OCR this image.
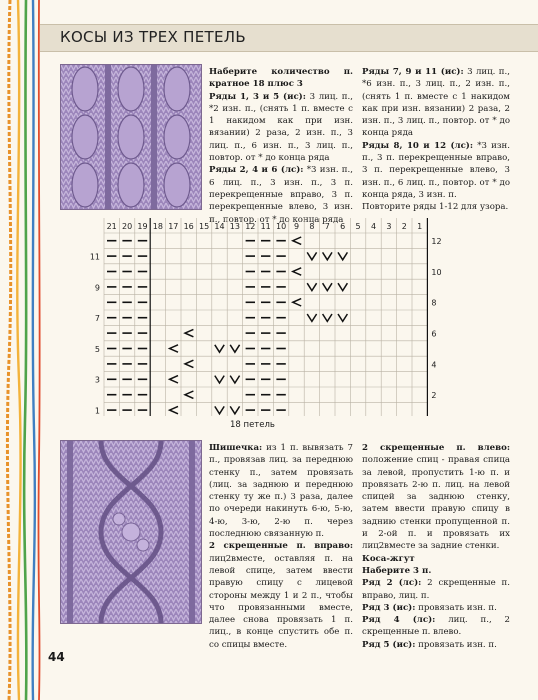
КОСЫ ИЗ ТРЕХ ПЕТЕЛЬ

Наберите количество п. кратное 18 плюс 3

Ряды 1, 3 и 5 (ис): 3 лиц. п., *2 изн. п., (снять 1 п. вместе с 1 накидом как при изн. вязании) 2 раза, 2 изн. п., 3 лиц. п., 6 изн. п., 3 лиц. п., повтор. от * до конца ряда

Ряды 2, 4 и 6 (лс): *3 изн. п., 6 лиц. п., 3 изн. п., 3 п. перекрещенные вправо, 3 п. перекрещенные влево, 3 изн. п., повтор. от * до конца ряда

Ряды 7, 9 и 11 (ис): 3 лиц. п., *6 изн. п., 3 лиц. п., 2 изн. п., (снять 1 п. вместе с 1 накидом как при изн. вязании) 2 раза, 2 изн. п., 3 лиц. п., повтор. от * до конца ряда

Ряды 8, 10 и 12 (лс): *3 изн. п., 3 п. перекрещенные вправо, 3 п. перекрещенные влево, 3 изн. п., 6 лиц. п., повтор. от * до конца ряда, 3 изн. п.

Повторите ряды 1-12 для узора.

21 20 19 18 17 16 15 14 13 12 11 10 9 8 7 6 5 4 3 2 1
11
9
7
5
3
1
12
10
8
6
4
2
18 петель

Шишечка: из 1 п. вывязать 7 п., провязав лиц. за переднюю стенку п., затем провязать (лиц. за заднюю и переднюю стенку ту же п.) 3 раза, далее по очереди накинуть 6-ю, 5-ю, 4-ю, 3-ю, 2-ю п. через последнюю связанную п.

2 скрещенные п. вправо: лиц2вместе, оставляя п. на левой спице, затем ввести правую спицу с лицевой стороны между 1 и 2 п., чтобы что провязанными вместе, далее снова провязать 1 п. лиц., в конце спустить обе п. со спицы вместе.

2 скрещенные п. влево: положение спиц - правая спица за левой, пропустить 1-ю п. и провязать 2-ю п. лиц. на левой спицей за заднюю стенку, затем ввести правую спицу в заднию стенки пропущенной п. и 2-ой п. и провязать их лиц2вместе за задние стенки.

Коса-жгут

Наберите 3 п.

Ряд 2 (лс): 2 скрещенные п. вправо, лиц. п.

Ряд 3 (ис): провязать изн. п.

Ряд 4 (лс): лиц. п., 2 скрещенные п. влево.

Ряд 5 (ис): провязать изн. п.

44
